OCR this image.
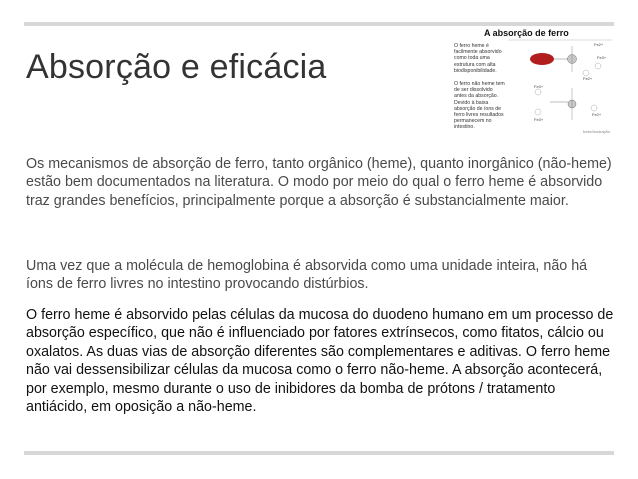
Absorção e eficácia
A absorção de ferro
O ferro heme é facilmente absorvido como toda uma estrutura com alta biodisponibilidade.
O ferro não heme tem de ser dissolvido antes da absorção. Devido à baixa absorção de íons de ferro livres resultados permanecem no intestino.
Fe2+
Fe3+
Fe2+
Fe3+
Fe3+
Fe2+
fonte/ilustração

Os mecanismos de absorção de ferro, tanto orgânico (heme), quanto inorgânico (não-heme) estão bem documentados na literatura. O modo por meio do qual o ferro heme é absorvido traz grandes benefícios, principalmente porque a absorção é substancialmente maior.

Uma vez que a molécula de hemoglobina é absorvida como uma unidade inteira, não há íons de ferro livres no intestino provocando distúrbios.

O ferro heme é absorvido pelas células da mucosa do duodeno humano em um processo de absorção específico, que não é influenciado por fatores extrínsecos, como fitatos, cálcio ou oxalatos. As duas vias de absorção diferentes são complementares e aditivas. O ferro heme não vai dessensibilizar células da mucosa como o ferro não-heme. A absorção acontecerá, por exemplo, mesmo durante o uso de inibidores da bomba de prótons / tratamento antiácido, em oposição a não-heme.
